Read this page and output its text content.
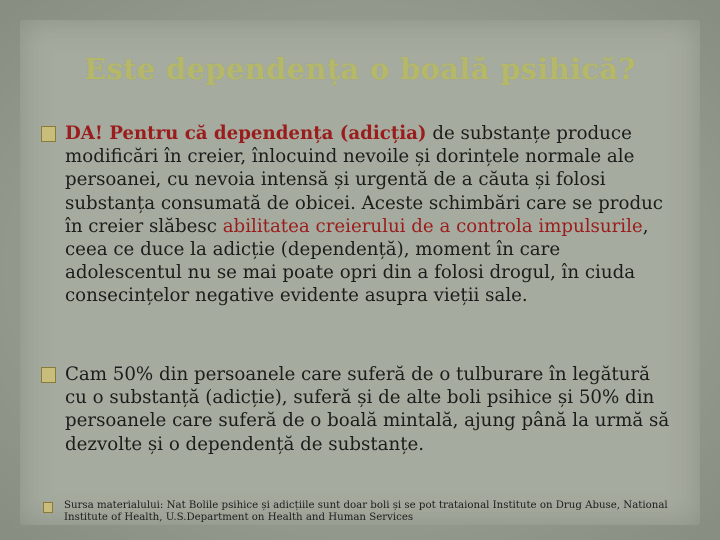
Este dependența o boală psihică?
DA! Pentru că dependența (adicția) de substanțe produce modificări în creier, înlocuind nevoile și dorințele normale ale persoanei, cu nevoia intensă și urgentă de a căuta și folosi substanța consumată de obicei. Aceste schimbări care se produc în creier slăbesc abilitatea creierului de a controla impulsurile, ceea ce duce la adicție (dependență), moment în care adolescentul nu se mai poate opri din a folosi drogul, în ciuda consecințelor negative evidente asupra vieții sale.
Cam 50% din persoanele care suferă de o tulburare în legătură cu o substanță (adicție), suferă și de alte boli psihice și 50% din persoanele care suferă de o boală mintală, ajung până la urmă să dezvolte și o dependență de substanțe.
Sursa materialului: Nat Bolile psihice și adicțiile sunt doar boli și se pot trataional Institute on Drug Abuse, National Institute of Health, U.S.Department on Health and Human Services
